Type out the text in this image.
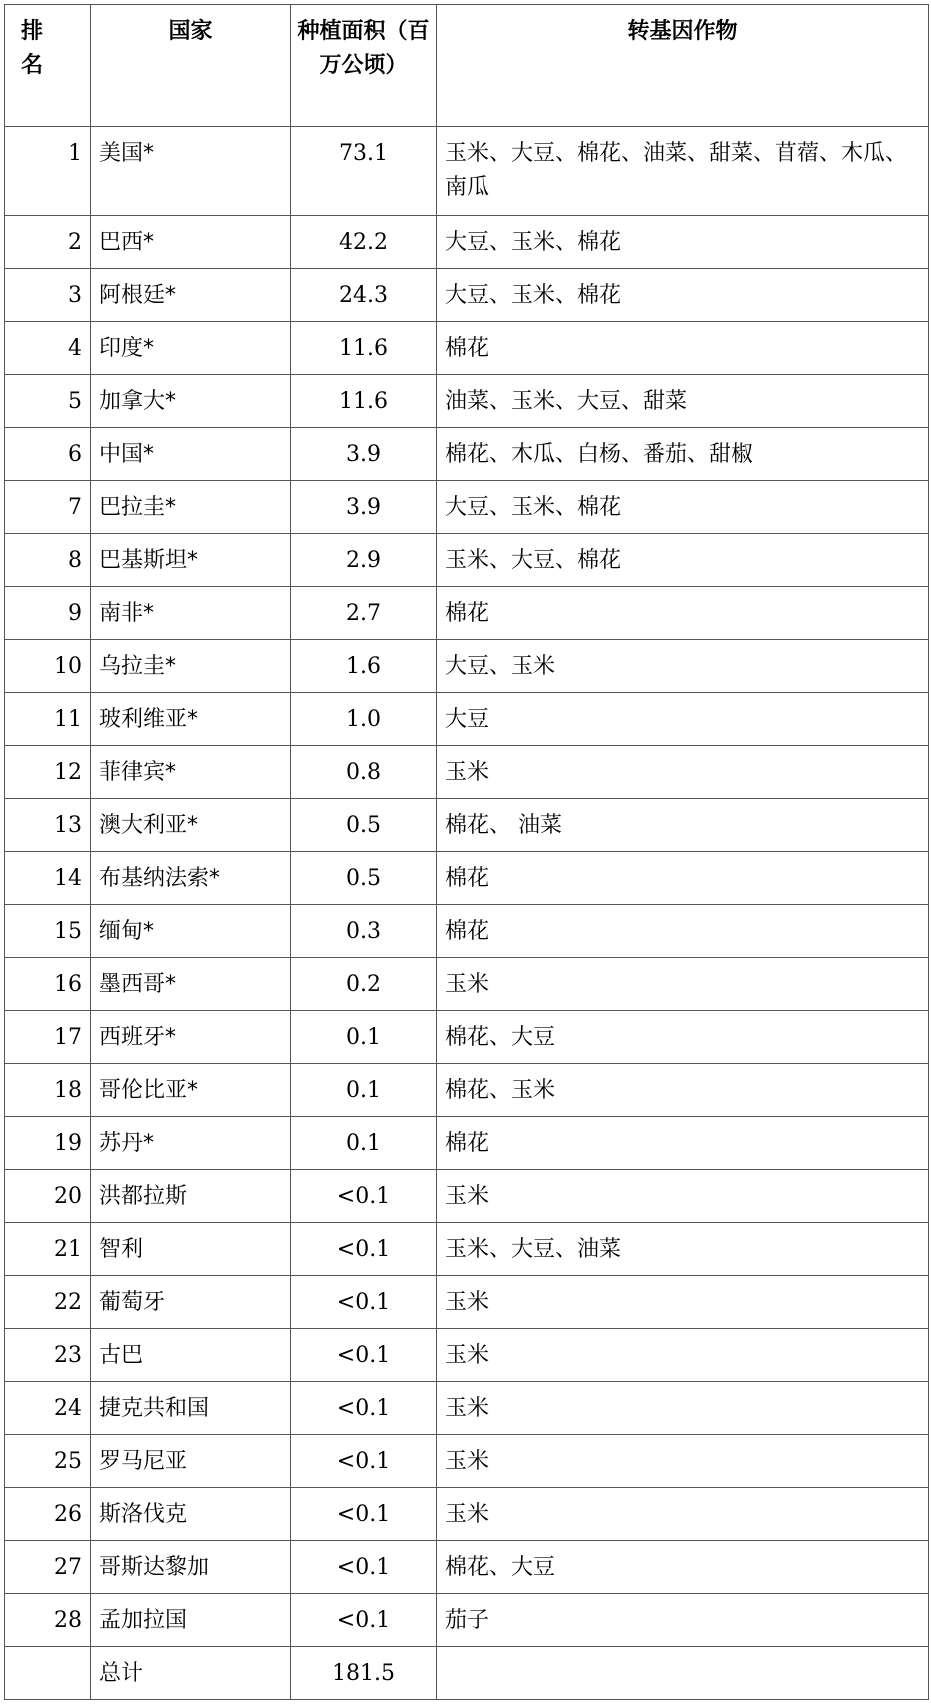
排 名	国家	种植面积（百万公顷）	转基因作物
1	美国*	73.1	玉米、大豆、棉花、油菜、甜菜、苜蓿、木瓜、南瓜
2	巴西*	42.2	大豆、玉米、棉花
3	阿根廷*	24.3	大豆、玉米、棉花
4	印度*	11.6	棉花
5	加拿大*	11.6	油菜、玉米、大豆、甜菜
6	中国*	3.9	棉花、木瓜、白杨、番茄、甜椒
7	巴拉圭*	3.9	大豆、玉米、棉花
8	巴基斯坦*	2.9	玉米、大豆、棉花
9	南非*	2.7	棉花
10	乌拉圭*	1.6	大豆、玉米
11	玻利维亚*	1.0	大豆
12	菲律宾*	0.8	玉米
13	澳大利亚*	0.5	棉花、 油菜
14	布基纳法索*	0.5	棉花
15	缅甸*	0.3	棉花
16	墨西哥*	0.2	玉米
17	西班牙*	0.1	棉花、大豆
18	哥伦比亚*	0.1	棉花、玉米
19	苏丹*	0.1	棉花
20	洪都拉斯	<0.1	玉米
21	智利	<0.1	玉米、大豆、油菜
22	葡萄牙	<0.1	玉米
23	古巴	<0.1	玉米
24	捷克共和国	<0.1	玉米
25	罗马尼亚	<0.1	玉米
26	斯洛伐克	<0.1	玉米
27	哥斯达黎加	<0.1	棉花、大豆
28	孟加拉国	<0.1	茄子
	总计	181.5	
